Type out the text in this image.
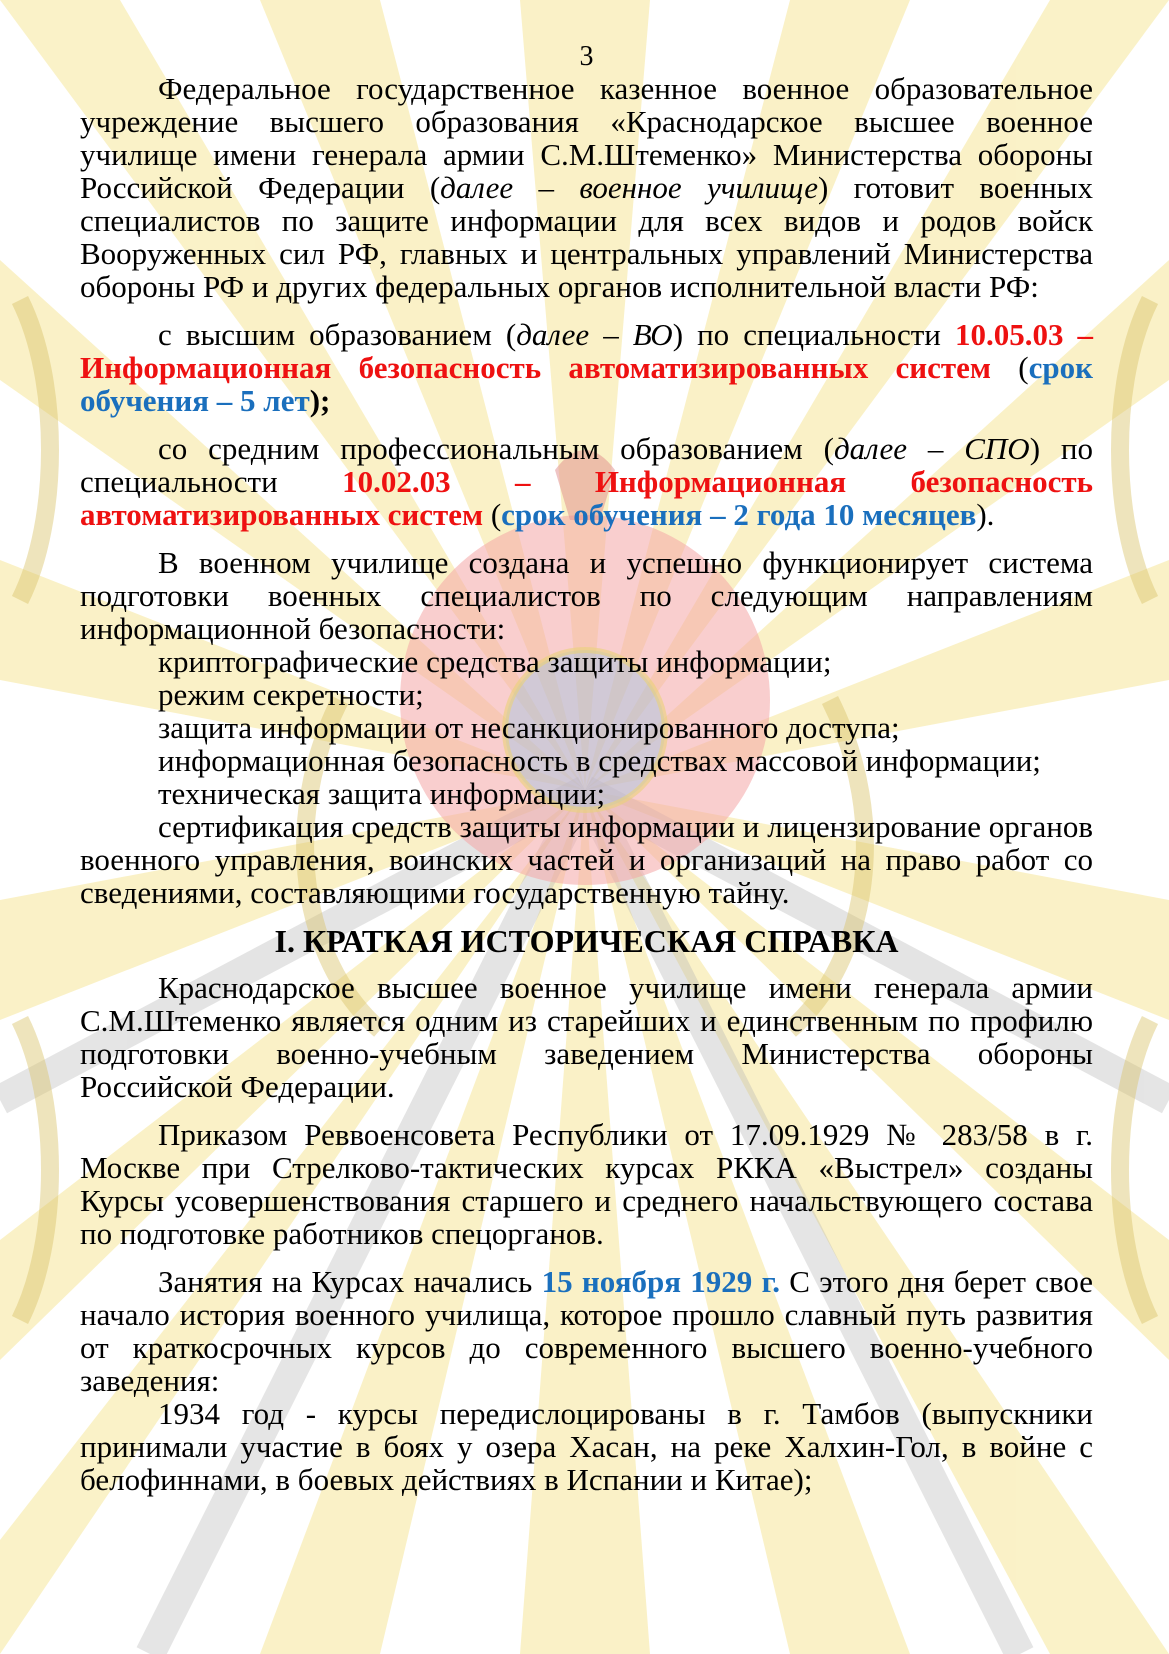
3

Федеральное государственное казенное военное образовательное учреждение высшего образования «Краснодарское высшее военное училище имени генерала армии С.М.Штеменко» Министерства обороны Российской Федерации (далее – военное училище) готовит военных специалистов по защите информации для всех видов и родов войск Вооруженных сил РФ, главных и центральных управлений Министерства обороны РФ и других федеральных органов исполнительной власти РФ:

с высшим образованием (далее – ВО) по специальности 10.05.03 – Информационная безопасность автоматизированных систем (срок обучения – 5 лет);

со средним профессиональным образованием (далее – СПО) по специальности 10.02.03 – Информационная безопасность автоматизированных систем (срок обучения – 2 года 10 месяцев).

В военном училище создана и успешно функционирует система подготовки военных специалистов по следующим направлениям информационной безопасности:

криптографические средства защиты информации;

режим секретности;

защита информации от несанкционированного доступа;

информационная безопасность в средствах массовой информации;

техническая защита информации;

сертификация средств защиты информации и лицензирование органов военного управления, воинских частей и организаций на право работ со сведениями, составляющими государственную тайну.

I. КРАТКАЯ ИСТОРИЧЕСКАЯ СПРАВКА

Краснодарское высшее военное училище имени генерала армии С.М.Штеменко является одним из старейших и единственным по профилю подготовки военно-учебным заведением Министерства обороны Российской Федерации.

Приказом Реввоенсовета Республики от 17.09.1929 № 283/58 в г. Москве при Стрелково-тактических курсах РККА «Выстрел» созданы Курсы усовершенствования старшего и среднего начальствующего состава по подготовке работников спецорганов.

Занятия на Курсах начались 15 ноября 1929 г. С этого дня берет свое начало история военного училища, которое прошло славный путь развития от краткосрочных курсов до современного высшего военно-учебного заведения:

1934 год - курсы передислоцированы в г. Тамбов (выпускники принимали участие в боях у озера Хасан, на реке Халхин-Гол, в войне с белофиннами, в боевых действиях в Испании и Китае);
